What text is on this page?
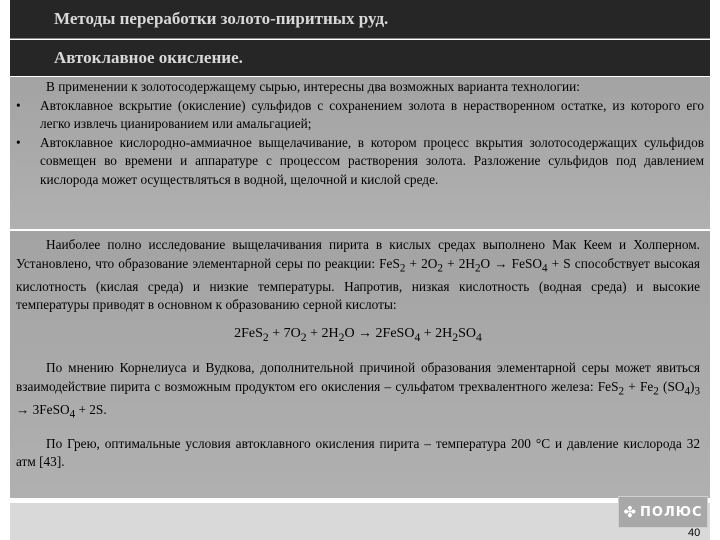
Методы переработки золото-пиритных руд.
Автоклавное окисление.

В применении к золотосодержащему сырью, интересны два возможных варианта технологии:

• Автоклавное вскрытие (окисление) сульфидов с сохранением золота в нерастворенном остатке, из которого его легко извлечь цианированием или амальгацией;
• Автоклавное кислородно-аммиачное выщелачивание, в котором процесс вкрытия золотосодержащих сульфидов совмещен во времени и аппаратуре с процессом растворения золота. Разложение сульфидов под давлением кислорода может осуществляться в водной, щелочной и кислой среде.

Наиболее полно исследование выщелачивания пирита в кислых средах выполнено Мак Кеем и Холперном. Установлено, что образование элементарной серы по реакции: $FeS_2 + 2O_2 + 2H_2O$ → FeSO$_4$ + S способствует высокая кислотность (кислая среда) и низкие температуры. Напротив, низкая кислотность (водная среда) и высокие температуры приводят в основном к образованию серной кислоты:

$2FeS_2 + 7O_2 + 2H_2O$ → 2FeSO$_4$ + $2H_2SO_4$

По мнению Корнелиуса и Вудкова, дополнительной причиной образования элементарной серы может явиться взаимодействие пирита с возможным продуктом его окисления – сульфатом трехвалентного железа: $FeS_2 + Fe_2$ $(SO_4)_3$ → 3FeSO$_4$ + 2S.

По Грею, оптимальные условия автоклавного окисления пирита – температура 200 °С и давление кислорода 32 атм [43].

✤ ПОЛЮС
40
